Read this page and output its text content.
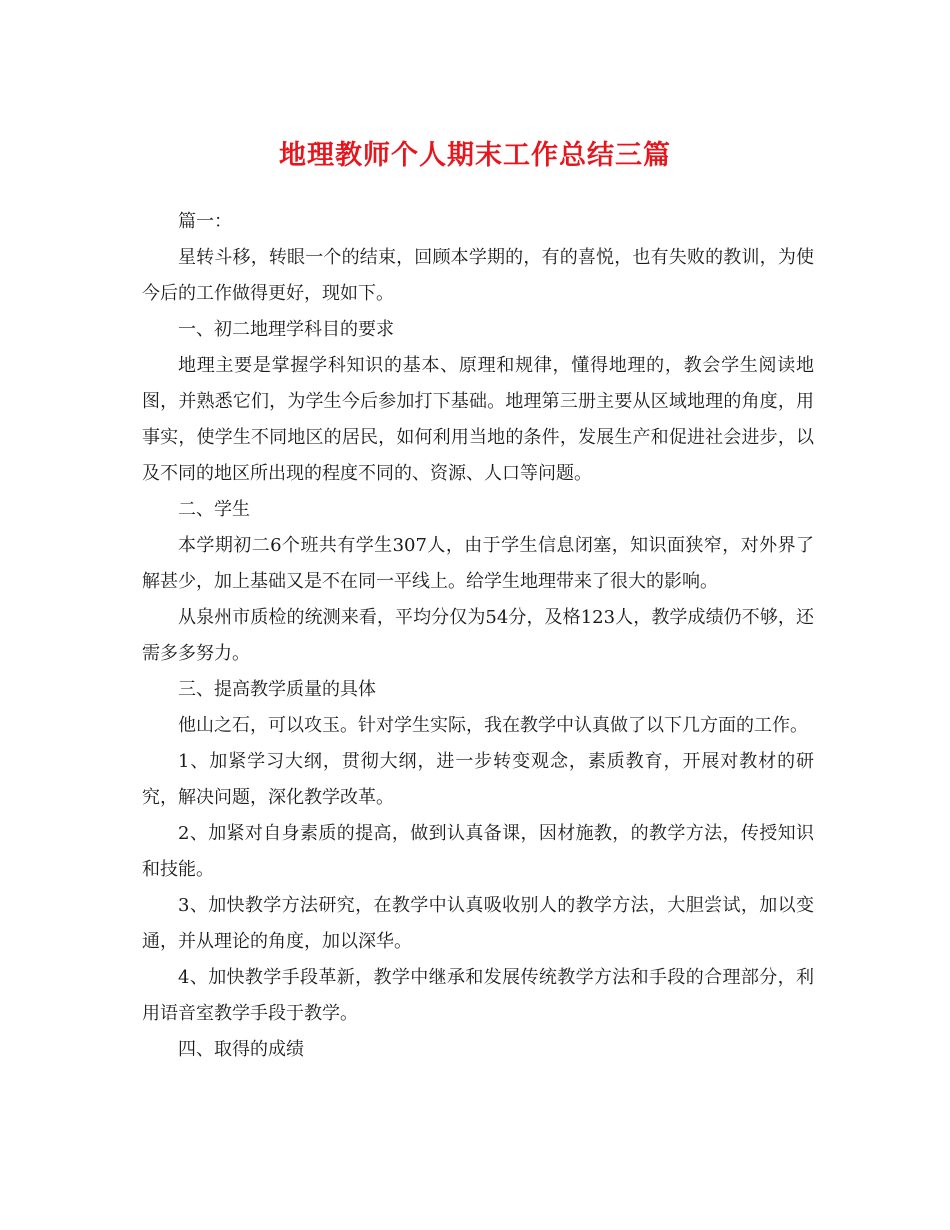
地理教师个人期末工作总结三篇

篇一：

星转斗移，转眼一个的结束，回顾本学期的，有的喜悦，也有失败的教训，为使今后的工作做得更好，现如下。

一、初二地理学科目的要求

地理主要是掌握学科知识的基本、原理和规律，懂得地理的，教会学生阅读地图，并熟悉它们，为学生今后参加打下基础。地理第三册主要从区域地理的角度，用事实，使学生不同地区的居民，如何利用当地的条件，发展生产和促进社会进步，以及不同的地区所出现的程度不同的、资源、人口等问题。

二、学生

本学期初二6个班共有学生307人，由于学生信息闭塞，知识面狭窄，对外界了解甚少，加上基础又是不在同一平线上。给学生地理带来了很大的影响。

从泉州市质检的统测来看，平均分仅为54分，及格123人，教学成绩仍不够，还需多多努力。

三、提高教学质量的具体

他山之石，可以攻玉。针对学生实际，我在教学中认真做了以下几方面的工作。

1、加紧学习大纲，贯彻大纲，进一步转变观念，素质教育，开展对教材的研究，解决问题，深化教学改革。

2、加紧对自身素质的提高，做到认真备课，因材施教，的教学方法，传授知识和技能。

3、加快教学方法研究，在教学中认真吸收别人的教学方法，大胆尝试，加以变通，并从理论的角度，加以深华。

4、加快教学手段革新，教学中继承和发展传统教学方法和手段的合理部分，利用语音室教学手段于教学。

四、取得的成绩
